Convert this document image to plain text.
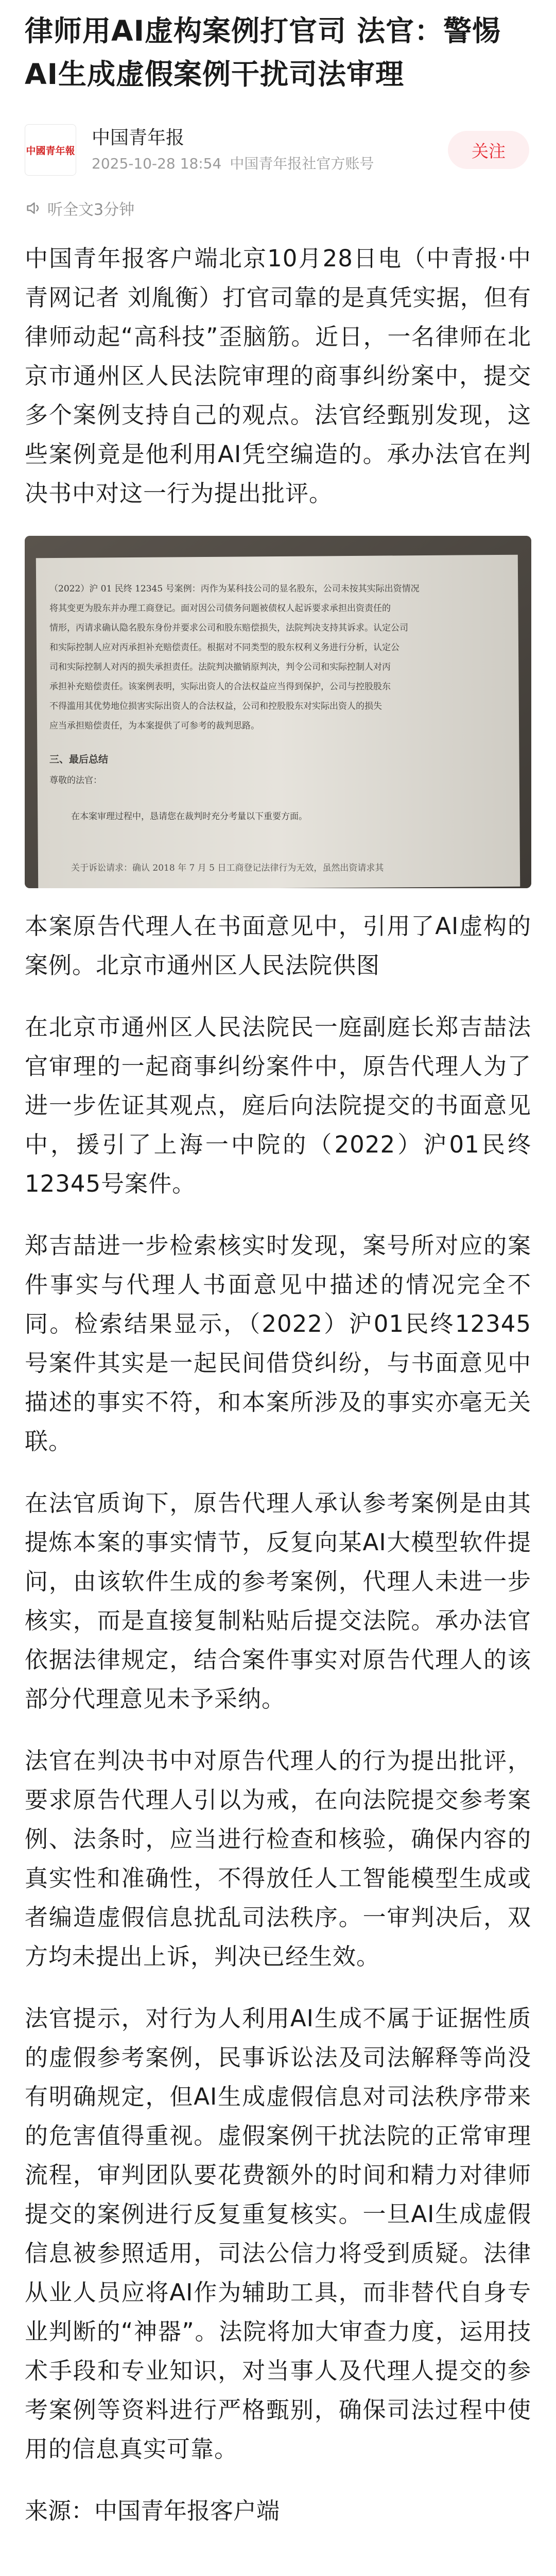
律师用AI虚构案例打官司 法官：警惕AI生成虚假案例干扰司法审理
中國青年報
中国青年报
2025-10-28 18:54 中国青年报社官方账号
关注
听全文3分钟

中国青年报客户端北京10月28日电（中青报·中青网记者 刘胤衡）打官司靠的是真凭实据，但有律师动起“高科技”歪脑筋。近日，一名律师在北京市通州区人民法院审理的商事纠纷案中，提交多个案例支持自己的观点。法官经甄别发现，这些案例竟是他利用AI凭空编造的。承办法官在判决书中对这一行为提出批评。

（2022）沪 01 民终 12345 号案例：丙作为某科技公司的显名股东，公司未按其实际出资情况
将其变更为股东并办理工商登记。面对因公司债务问题被债权人起诉要求承担出资责任的
情形，丙请求确认隐名股东身份并要求公司和股东赔偿损失，法院判决支持其诉求。认定公司
和实际控制人应对丙承担补充赔偿责任。根据对不同类型的股东权利义务进行分析，认定公
司和实际控制人对丙的损失承担责任。法院判决撤销原判决，判令公司和实际控制人对丙
承担补充赔偿责任。该案例表明，实际出资人的合法权益应当得到保护，公司与控股股东
不得滥用其优势地位损害实际出资人的合法权益，公司和控股股东对实际出资人的损失
应当承担赔偿责任，为本案提供了可参考的裁判思路。
三、最后总结
尊敬的法官：
在本案审理过程中，恳请您在裁判时充分考量以下重要方面。
关于诉讼请求：确认 2018 年 7 月 5 日工商登记法律行为无效，虽然出资请求其

本案原告代理人在书面意见中，引用了AI虚构的案例。北京市通州区人民法院供图

在北京市通州区人民法院民一庭副庭长郑吉喆法官审理的一起商事纠纷案件中，原告代理人为了进一步佐证其观点，庭后向法院提交的书面意见中，援引了上海一中院的（2022）沪01民终12345号案件。

郑吉喆进一步检索核实时发现，案号所对应的案件事实与代理人书面意见中描述的情况完全不同。检索结果显示，（2022）沪01民终12345号案件其实是一起民间借贷纠纷，与书面意见中描述的事实不符，和本案所涉及的事实亦毫无关联。

在法官质询下，原告代理人承认参考案例是由其提炼本案的事实情节，反复向某AI大模型软件提问，由该软件生成的参考案例，代理人未进一步核实，而是直接复制粘贴后提交法院。承办法官依据法律规定，结合案件事实对原告代理人的该部分代理意见未予采纳。

法官在判决书中对原告代理人的行为提出批评，要求原告代理人引以为戒，在向法院提交参考案例、法条时，应当进行检查和核验，确保内容的真实性和准确性，不得放任人工智能模型生成或者编造虚假信息扰乱司法秩序。一审判决后，双方均未提出上诉，判决已经生效。

法官提示，对行为人利用AI生成不属于证据性质的虚假参考案例，民事诉讼法及司法解释等尚没有明确规定，但AI生成虚假信息对司法秩序带来的危害值得重视。虚假案例干扰法院的正常审理流程，审判团队要花费额外的时间和精力对律师提交的案例进行反复重复核实。一旦AI生成虚假信息被参照适用，司法公信力将受到质疑。法律从业人员应将AI作为辅助工具，而非替代自身专业判断的“神器”。法院将加大审查力度，运用技术手段和专业知识，对当事人及代理人提交的参考案例等资料进行严格甄别，确保司法过程中使用的信息真实可靠。

来源：中国青年报客户端
